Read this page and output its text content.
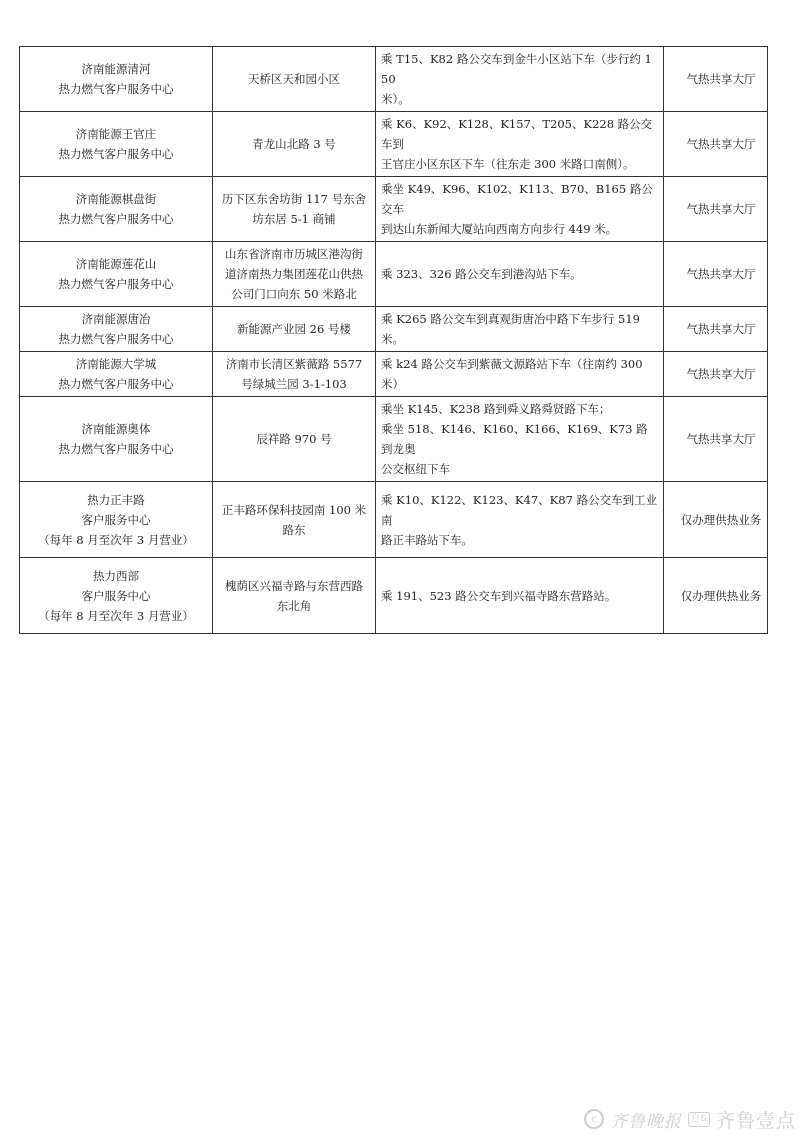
济南能源清河
热力燃气客户服务中心	天桥区天和园小区	乘 T15、K82 路公交车到金牛小区站下车（步行约 150
米）。	气热共享大厅

济南能源王官庄
热力燃气客户服务中心	青龙山北路 3 号	乘 K6、K92、K128、K157、T205、K228 路公交车到
王官庄小区东区下车（往东走 300 米路口南侧）。	气热共享大厅

济南能源棋盘街
热力燃气客户服务中心	历下区东舍坊街 117 号东舍
坊东居 5-1 商铺	乘坐 K49、K96、K102、K113、B70、B165 路公交车
到达山东新闻大厦站向西南方向步行 449 米。	气热共享大厅

济南能源莲花山
热力燃气客户服务中心	山东省济南市历城区港沟街
道济南热力集团莲花山供热
公司门口向东 50 米路北	乘 323、326 路公交车到港沟站下车。	气热共享大厅

济南能源唐冶
热力燃气客户服务中心	新能源产业园 26 号楼	乘 K265 路公交车到真观街唐冶中路下车步行 519
米。	气热共享大厅

济南能源大学城
热力燃气客户服务中心	济南市长清区紫薇路 5577
号绿城兰园 3-1-103	乘 k24 路公交车到紫薇文源路站下车（往南约 300
米）	气热共享大厅

济南能源奥体
热力燃气客户服务中心	辰祥路 970 号	乘坐 K145、K238 路到舜义路舜贤路下车；
乘坐 518、K146、K160、K166、K169、K73 路到龙奥
公交枢纽下车	气热共享大厅

热力正丰路
客户服务中心
（每年 8 月至次年 3 月营业）	正丰路环保科技园南 100 米
路东	乘 K10、K122、K123、K47、K87 路公交车到工业南
路正丰路站下车。	仅办理供热业务

热力西部
客户服务中心
（每年 8 月至次年 3 月营业）	槐荫区兴福寺路与东营西路
东北角	乘 191、523 路公交车到兴福寺路东营路站。	仅办理供热业务
c 齐鲁晚报	自& 齐鲁壹点
